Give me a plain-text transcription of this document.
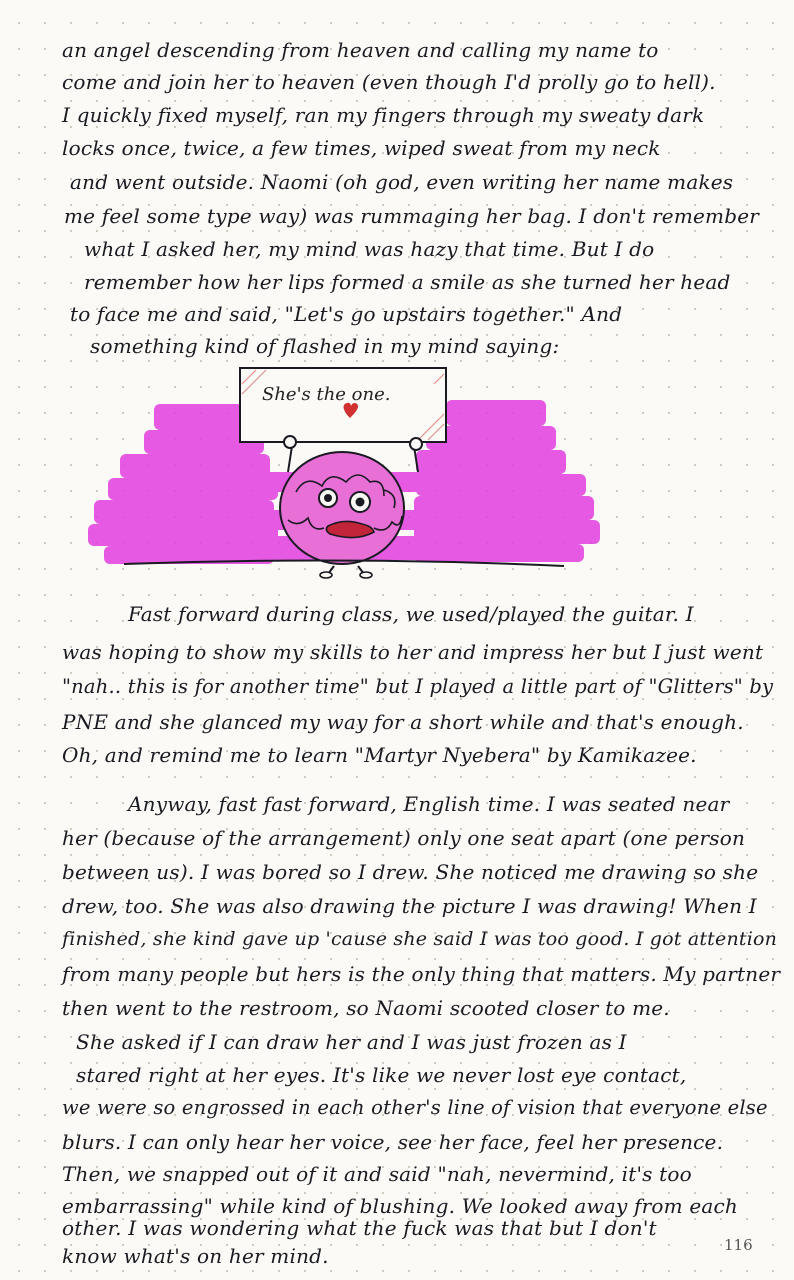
an angel descending from heaven and calling my name to
come and join her to heaven (even though I'd prolly go to hell).
I quickly fixed myself, ran my fingers through my sweaty dark
locks once, twice, a few times, wiped sweat from my neck
and went outside. Naomi (oh god, even writing her name makes
me feel some type way) was rummaging her bag. I don't remember
what I asked her, my mind was hazy that time. But I do
remember how her lips formed a smile as she turned her head
to face me and said, "Let's go upstairs together." And
something kind of flashed in my mind saying:
She's the one.
Fast forward during class, we used/played the guitar. I
was hoping to show my skills to her and impress her but I just went
"nah.. this is for another time" but I played a little part of "Glitters" by
PNE and she glanced my way for a short while and that's enough.
Oh, and remind me to learn "Martyr Nyebera" by Kamikazee.
Anyway, fast fast forward, English time. I was seated near
her (because of the arrangement) only one seat apart (one person
between us). I was bored so I drew. She noticed me drawing so she
drew, too. She was also drawing the picture I was drawing! When I
finished, she kind gave up 'cause she said I was too good. I got attention
from many people but hers is the only thing that matters. My partner
then went to the restroom, so Naomi scooted closer to me.
She asked if I can draw her and I was just frozen as I
stared right at her eyes. It's like we never lost eye contact,
we were so engrossed in each other's line of vision that everyone else
blurs. I can only hear her voice, see her face, feel her presence.
Then, we snapped out of it and said "nah, nevermind, it's too
embarrassing" while kind of blushing. We looked away from each
other. I was wondering what the fuck was that but I don't
know what's on her mind.	116
